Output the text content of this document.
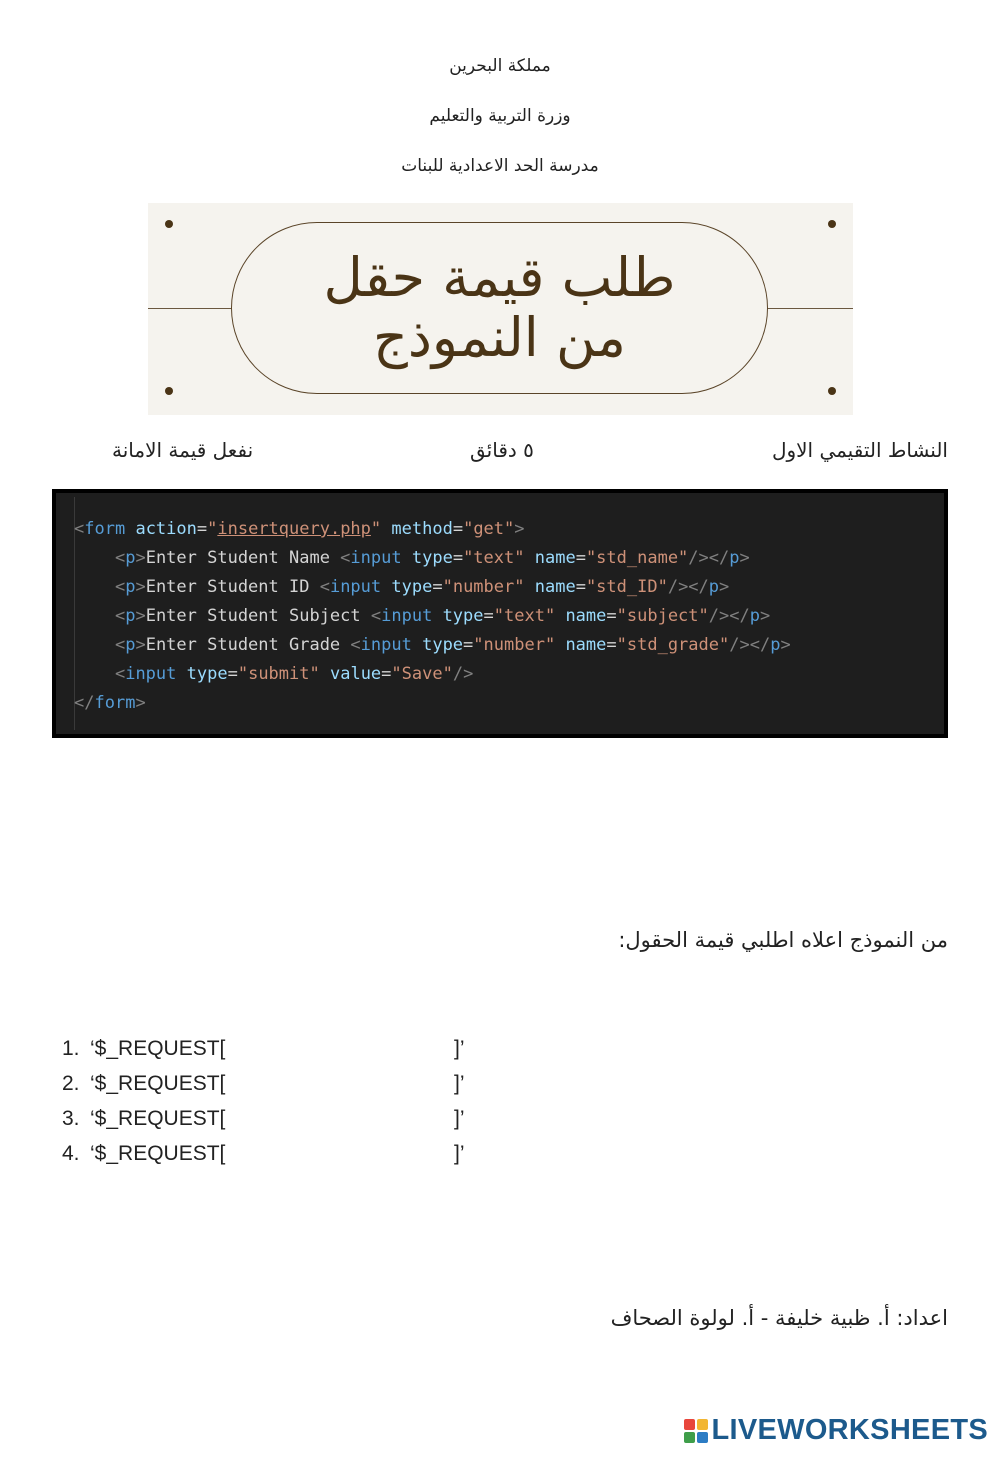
مملكة البحرين
وزرة التربية والتعليم
مدرسة الحد الاعدادية للبنات
طلب قيمة حقل
من النموذج
النشاط التقيمي الاول
٥ دقائق
نفعل قيمة الامانة
<form action="insertquery.php" method="get">
<p>Enter Student Name <input type="text" name="std_name"/></p>
<p>Enter Student ID <input type="number" name="std_ID"/></p>
<p>Enter Student Subject <input type="text" name="subject"/></p>
<p>Enter Student Grade <input type="number" name="std_grade"/></p>
<input type="submit" value="Save"/>
</form>
من النموذج اعلاه اطلبي قيمة الحقول:
1. ‘$_REQUEST[	]’
2. ‘$_REQUEST[	]’
3. ‘$_REQUEST[	]’
4. ‘$_REQUEST[	]’
اعداد: أ. ظبية خليفة - أ. لولوة الصحاف
LIVEWORKSHEETS
